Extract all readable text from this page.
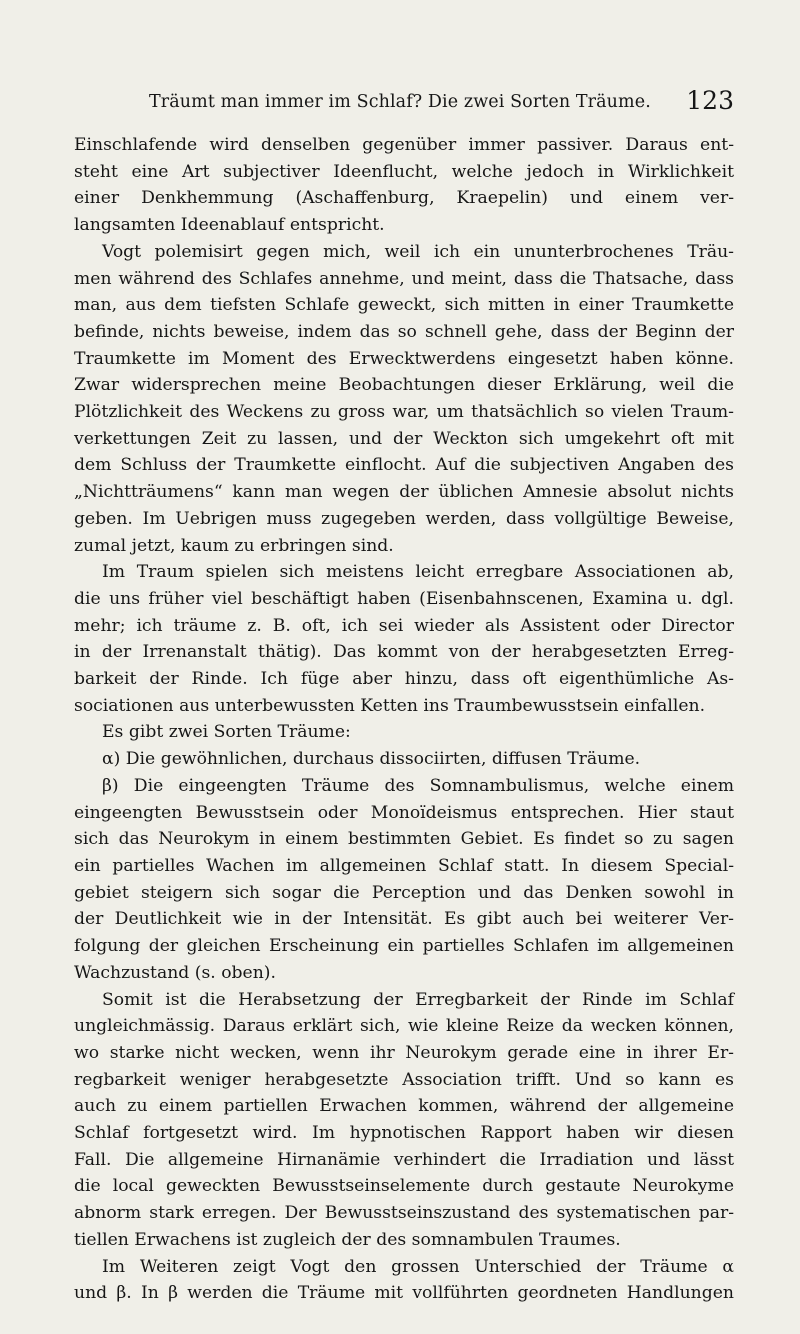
Träumt man immer im Schlaf? Die zwei Sorten Träume. 123
Einschlafende wird denselben gegenüber immer passiver. Daraus ent-
steht eine Art subjectiver Ideenflucht, welche jedoch in Wirklichkeit
einer Denkhemmung (Aschaffenburg, Kraepelin) und einem ver-
langsamten Ideenablauf entspricht.
Vogt polemisirt gegen mich, weil ich ein ununterbrochenes Träu-
men während des Schlafes annehme, und meint, dass die Thatsache, dass
man, aus dem tiefsten Schlafe geweckt, sich mitten in einer Traumkette
befinde, nichts beweise, indem das so schnell gehe, dass der Beginn der
Traumkette im Moment des Erwecktwerdens eingesetzt haben könne.
Zwar widersprechen meine Beobachtungen dieser Erklärung, weil die
Plötzlichkeit des Weckens zu gross war, um thatsächlich so vielen Traum-
verkettungen Zeit zu lassen, und der Weckton sich umgekehrt oft mit
dem Schluss der Traumkette einflocht. Auf die subjectiven Angaben des
„Nichtträumens“ kann man wegen der üblichen Amnesie absolut nichts
geben. Im Uebrigen muss zugegeben werden, dass vollgültige Beweise,
zumal jetzt, kaum zu erbringen sind.
Im Traum spielen sich meistens leicht erregbare Associationen ab,
die uns früher viel beschäftigt haben (Eisenbahnscenen, Examina u. dgl.
mehr; ich träume z. B. oft, ich sei wieder als Assistent oder Director
in der Irrenanstalt thätig). Das kommt von der herabgesetzten Erreg-
barkeit der Rinde. Ich füge aber hinzu, dass oft eigenthümliche As-
sociationen aus unterbewussten Ketten ins Traumbewusstsein einfallen.
Es gibt zwei Sorten Träume:
α) Die gewöhnlichen, durchaus dissociirten, diffusen Träume.
β) Die eingeengten Träume des Somnambulismus, welche einem
eingeengten Bewusstsein oder Monoïdeismus entsprechen. Hier staut
sich das Neurokym in einem bestimmten Gebiet. Es findet so zu sagen
ein partielles Wachen im allgemeinen Schlaf statt. In diesem Special-
gebiet steigern sich sogar die Perception und das Denken sowohl in
der Deutlichkeit wie in der Intensität. Es gibt auch bei weiterer Ver-
folgung der gleichen Erscheinung ein partielles Schlafen im allgemeinen
Wachzustand (s. oben).
Somit ist die Herabsetzung der Erregbarkeit der Rinde im Schlaf
ungleichmässig. Daraus erklärt sich, wie kleine Reize da wecken können,
wo starke nicht wecken, wenn ihr Neurokym gerade eine in ihrer Er-
regbarkeit weniger herabgesetzte Association trifft. Und so kann es
auch zu einem partiellen Erwachen kommen, während der allgemeine
Schlaf fortgesetzt wird. Im hypnotischen Rapport haben wir diesen
Fall. Die allgemeine Hirnanämie verhindert die Irradiation und lässt
die local geweckten Bewusstseinselemente durch gestaute Neurokyme
abnorm stark erregen. Der Bewusstseinszustand des systematischen par-
tiellen Erwachens ist zugleich der des somnambulen Traumes.
Im Weiteren zeigt Vogt den grossen Unterschied der Träume α
und β. In β werden die Träume mit vollführten geordneten Handlungen
